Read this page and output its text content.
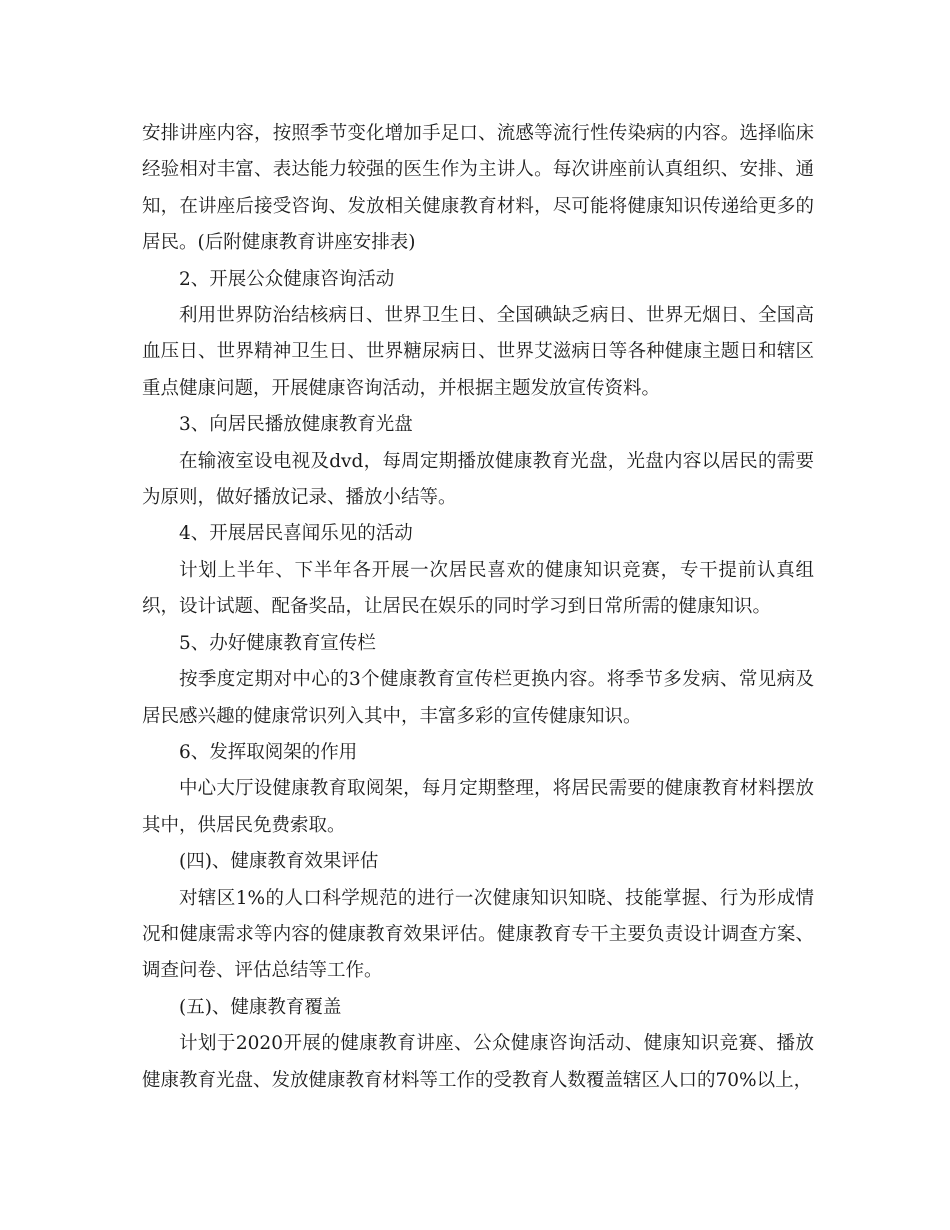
安排讲座内容，按照季节变化增加手足口、流感等流行性传染病的内容。选择临床经验相对丰富、表达能力较强的医生作为主讲人。每次讲座前认真组织、安排、通知，在讲座后接受咨询、发放相关健康教育材料，尽可能将健康知识传递给更多的居民。(后附健康教育讲座安排表)

2、开展公众健康咨询活动

利用世界防治结核病日、世界卫生日、全国碘缺乏病日、世界无烟日、全国高血压日、世界精神卫生日、世界糖尿病日、世界艾滋病日等各种健康主题日和辖区重点健康问题，开展健康咨询活动，并根据主题发放宣传资料。

3、向居民播放健康教育光盘

在输液室设电视及dvd，每周定期播放健康教育光盘，光盘内容以居民的需要为原则，做好播放记录、播放小结等。

4、开展居民喜闻乐见的活动

计划上半年、下半年各开展一次居民喜欢的健康知识竞赛，专干提前认真组织，设计试题、配备奖品，让居民在娱乐的同时学习到日常所需的健康知识。

5、办好健康教育宣传栏

按季度定期对中心的3个健康教育宣传栏更换内容。将季节多发病、常见病及居民感兴趣的健康常识列入其中，丰富多彩的宣传健康知识。

6、发挥取阅架的作用

中心大厅设健康教育取阅架，每月定期整理，将居民需要的健康教育材料摆放其中，供居民免费索取。

(四)、健康教育效果评估

对辖区1%的人口科学规范的进行一次健康知识知晓、技能掌握、行为形成情况和健康需求等内容的健康教育效果评估。健康教育专干主要负责设计调查方案、调查问卷、评估总结等工作。

(五)、健康教育覆盖

计划于2020开展的健康教育讲座、公众健康咨询活动、健康知识竞赛、播放健康教育光盘、发放健康教育材料等工作的受教育人数覆盖辖区人口的70%以上，
